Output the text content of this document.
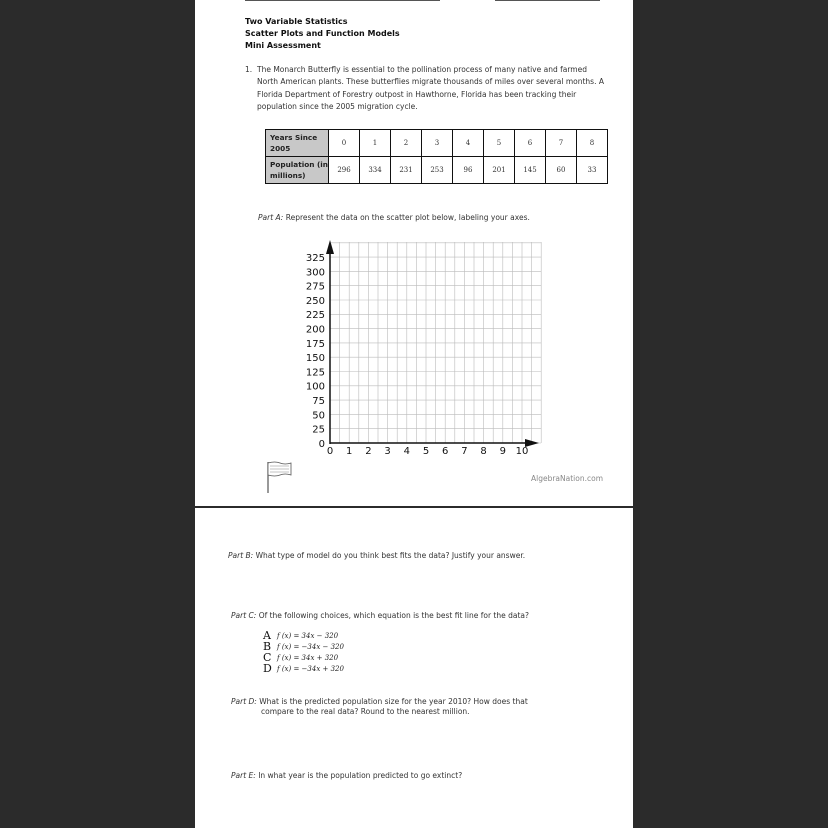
Two Variable Statistics
Scatter Plots and Function Models
Mini Assessment
1. The Monarch Butterfly is essential to the pollination process of many native and farmed North American plants. These butterflies migrate thousands of miles over several months. A Florida Department of Forestry outpost in Hawthorne, Florida has been tracking their population since the 2005 migration cycle.
Years Since 2005	0	1	2	3	4	5	6	7	8
Population (in millions)	296	334	231	253	96	201	145	60	33
Part A: Represent the data on the scatter plot below, labeling your axes.
325
300
275
250
225
200
175
150
125
100
75
50
25
0
0 1 2 3 4 5 6 7 8 9 10
AlgebraNation.com
Part B: What type of model do you think best fits the data? Justify your answer.
Part C: Of the following choices, which equation is the best fit line for the data?
A f (x) = 34x − 320
B f (x) = −34x − 320
C f (x) = 34x + 320
D f (x) = −34x + 320
Part D: What is the predicted population size for the year 2010? How does that
compare to the real data? Round to the nearest million.
Part E: In what year is the population predicted to go extinct?
